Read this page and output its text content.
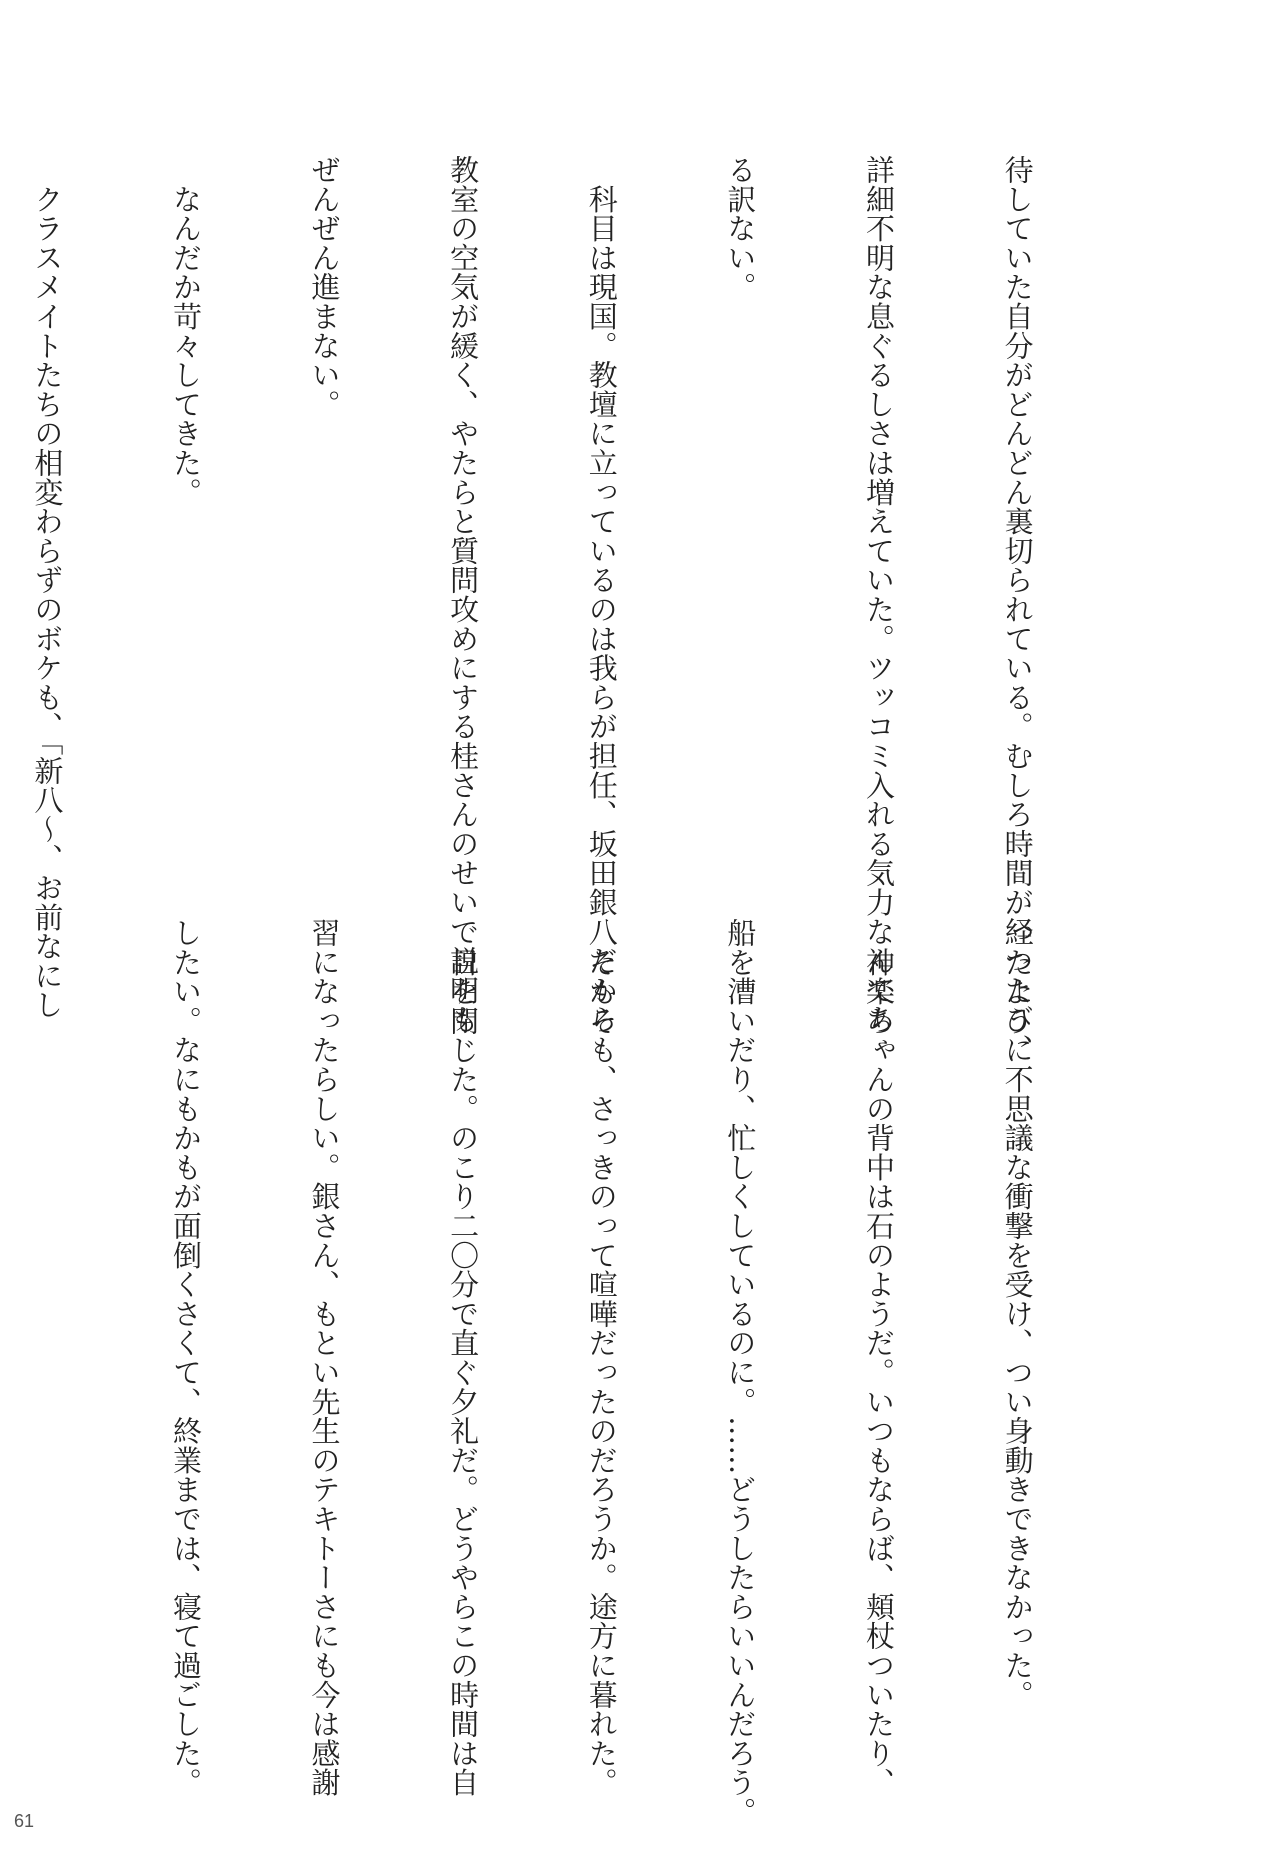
待していた自分がどんどん裏切られている。むしろ時間が経つたび、

詳細不明な息ぐるしさは増えていた。ツッコミ入れる気力なんてあ

る訳ない。

　科目は現国。教壇に立っているのは我らが担任、坂田銀八だから

教室の空気が緩く、やたらと質問攻めにする桂さんのせいで説明も

ぜんぜん進まない。

　なんだか苛々してきた。

　クラスメイトたちの相変わらずのボケも、「新八〜、お前なにし

ったように不思議な衝撃を受け、つい身動きできなかった。

　神楽ちゃんの背中は石のようだ。いつもならば、頬杖ついたり、

船を漕いだり、忙しくしているのに。……どうしたらいいんだろう。

　そもそも、さっきのって喧嘩だったのだろうか。途方に暮れた。

　目を閉じた。のこり二〇分で直ぐ夕礼だ。どうやらこの時間は自

習になったらしい。銀さん、もとい先生のテキトーさにも今は感謝

したい。なにもかもが面倒くさくて、終業までは、寝て過ごした。

61
